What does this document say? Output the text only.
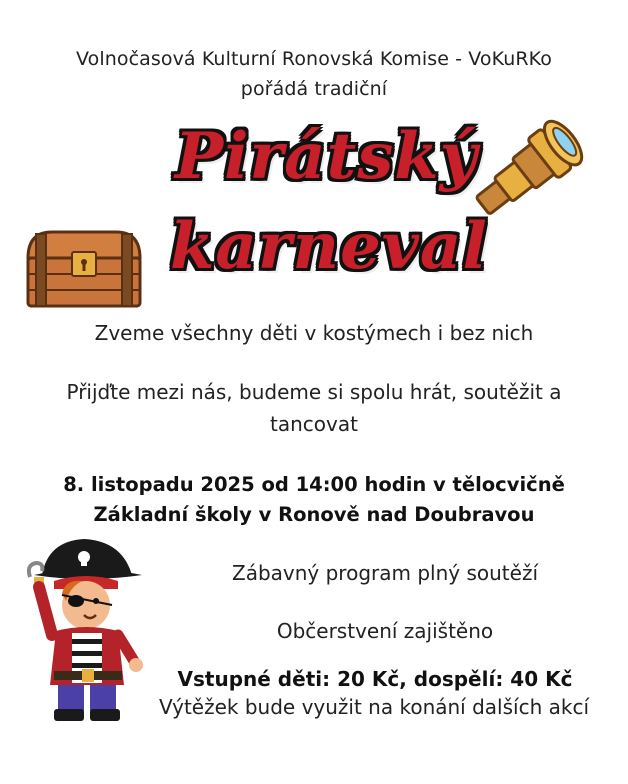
Volnočasová Kulturní Ronovská Komise - VoKuRKo
pořádá tradiční
Pirátský
karneval
Zveme všechny děti v kostýmech i bez nich
Přijďte mezi nás, budeme si spolu hrát, soutěžit a
tancovat
8. listopadu 2025 od 14:00 hodin v tělocvičně
Základní školy v Ronově nad Doubravou
Zábavný program plný soutěží
Občerstvení zajištěno
Vstupné děti: 20 Kč, dospělí: 40 Kč
Výtěžek bude využit na konání dalších akcí
